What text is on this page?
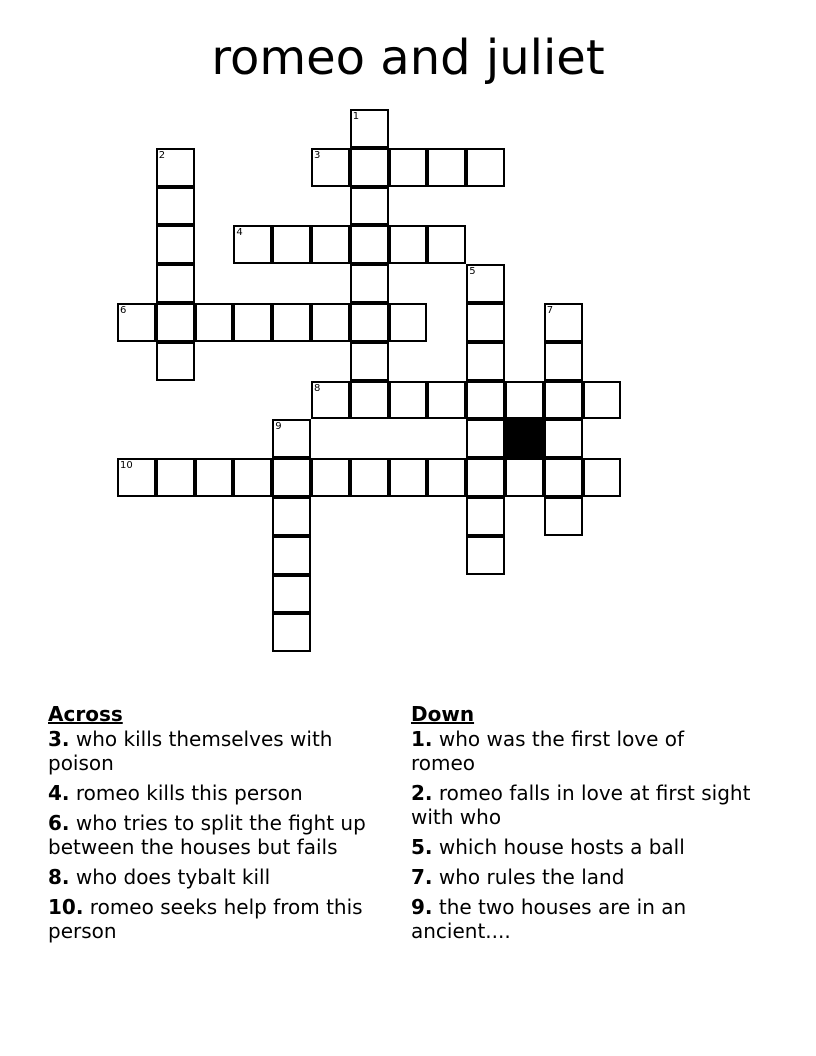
romeo and juliet
1
2	3
4
5
6	7
8
9
10
Across
3. who kills themselves with poison
4. romeo kills this person
6. who tries to split the fight up between the houses but fails
8. who does tybalt kill
10. romeo seeks help from this person
Down
1. who was the first love of romeo
2. romeo falls in love at first sight with who
5. which house hosts a ball
7. who rules the land
9. the two houses are in an ancient....
